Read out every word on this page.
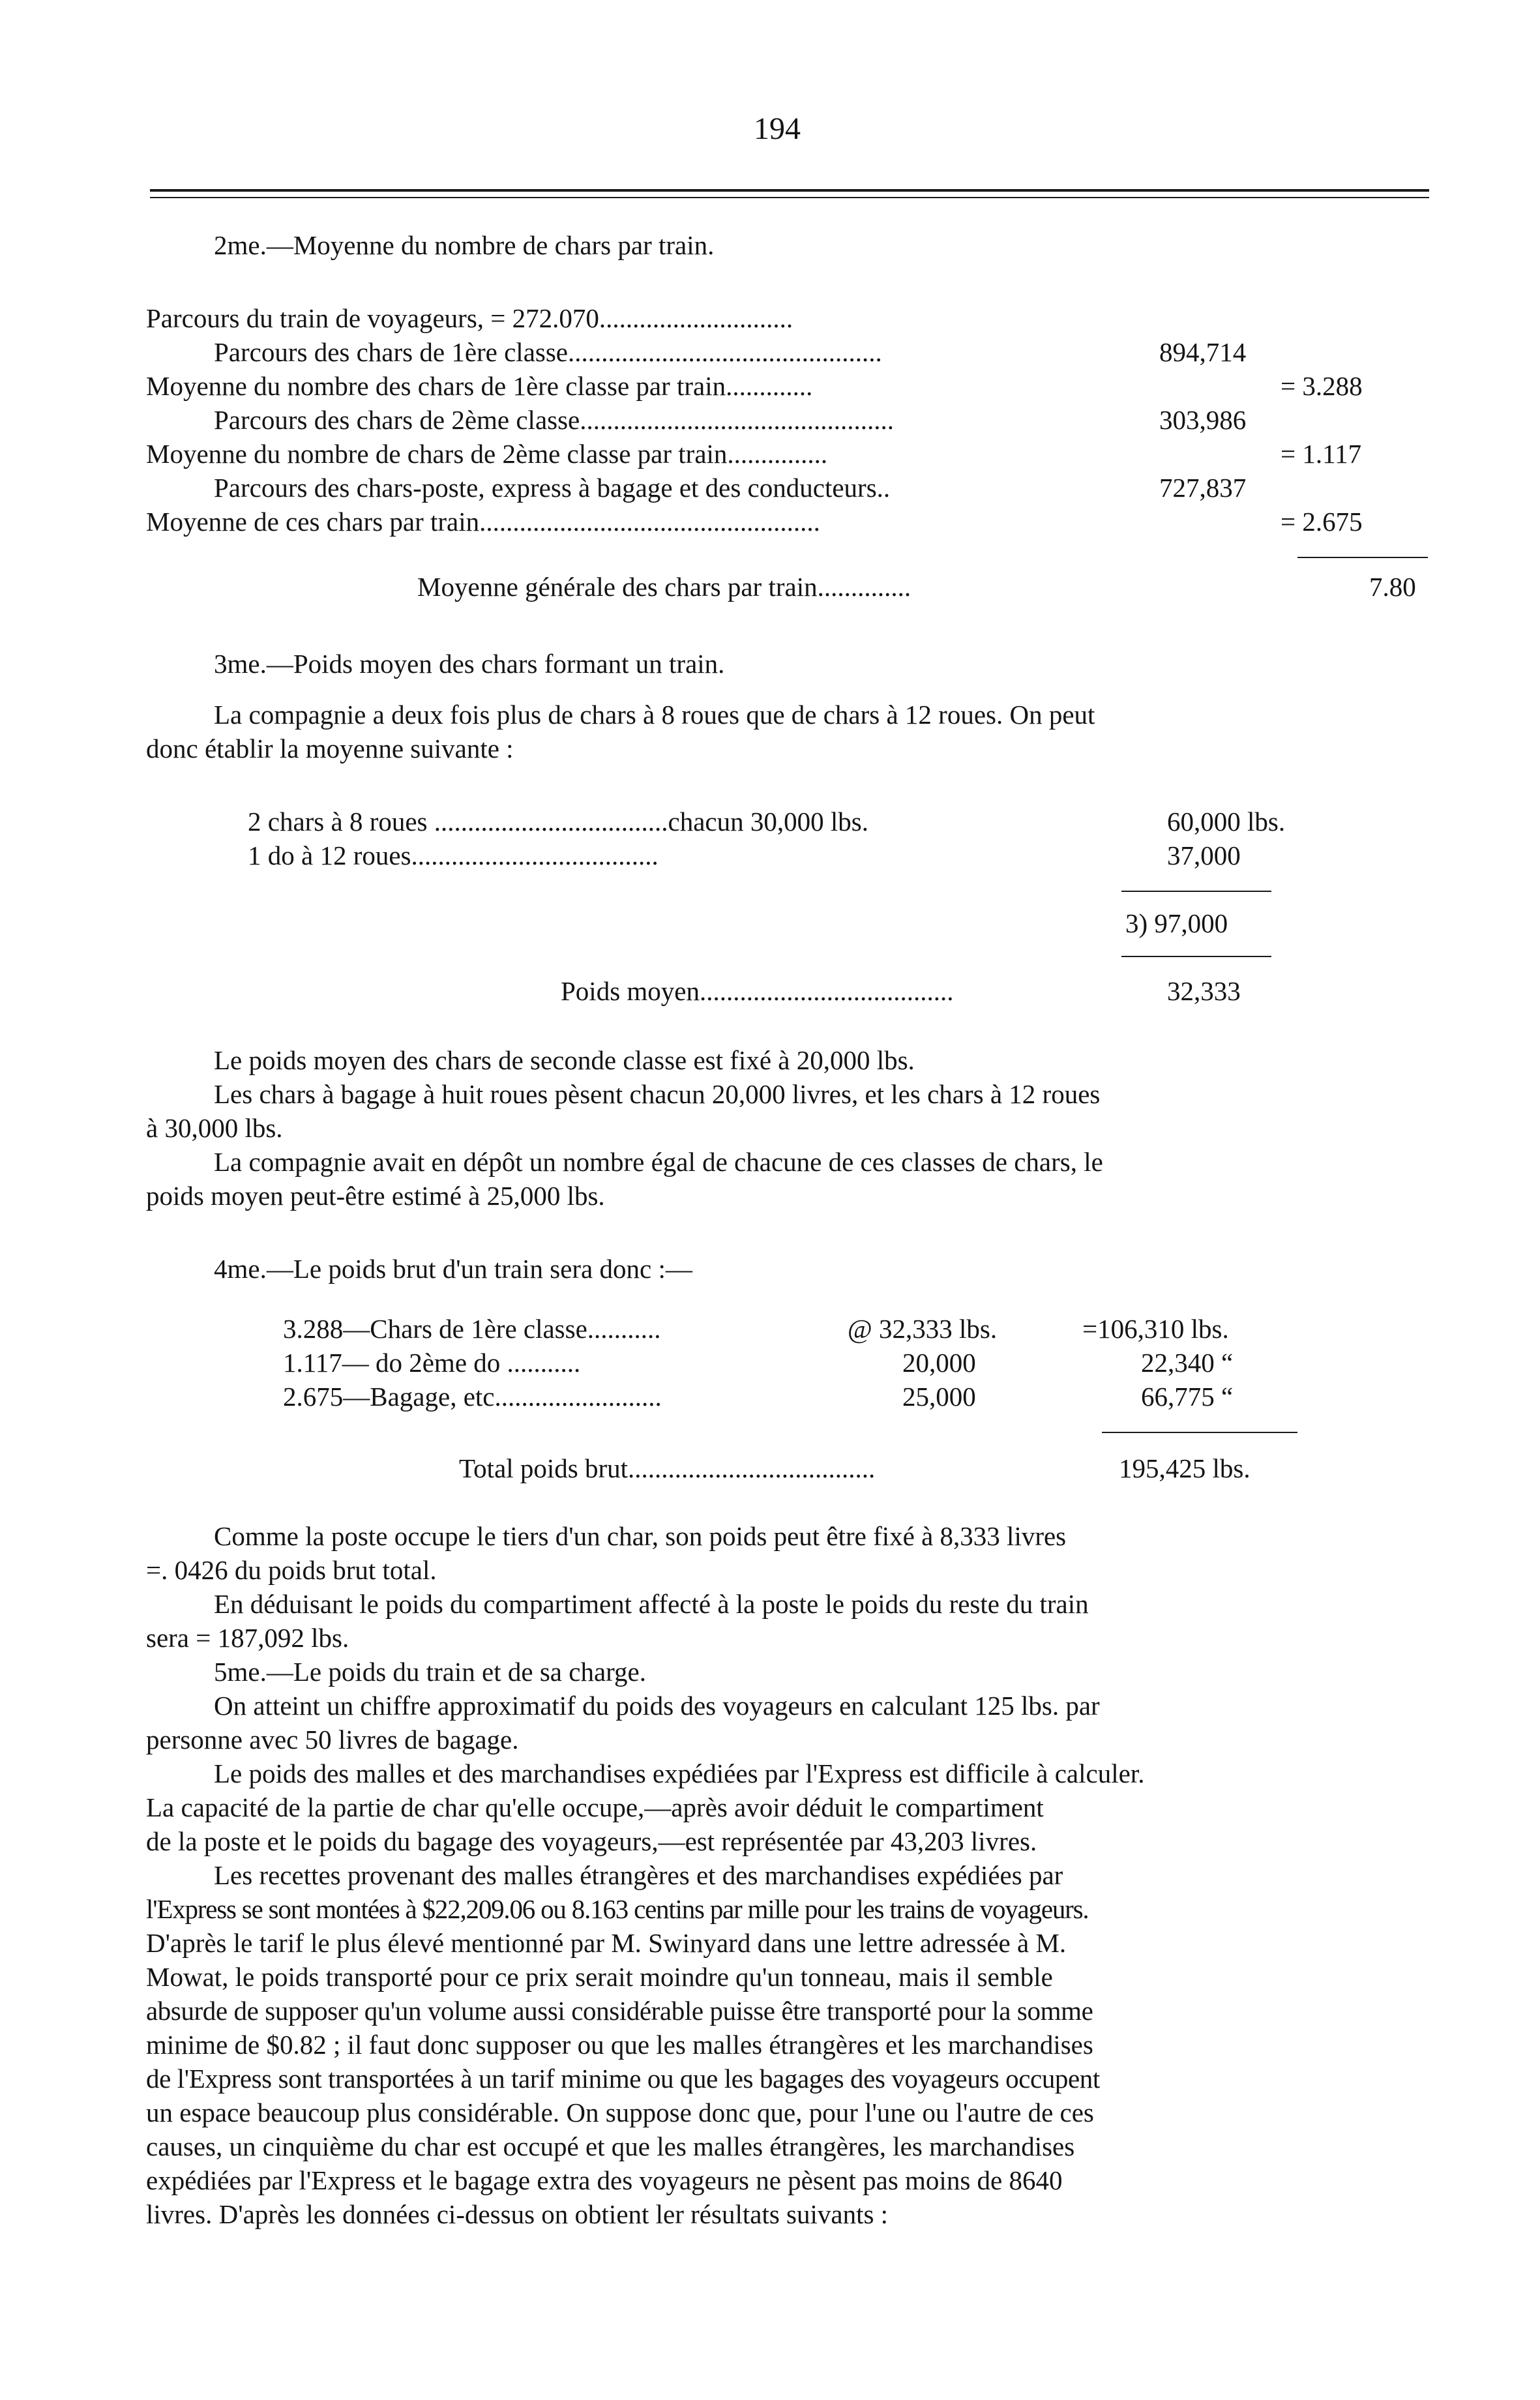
194
2me.—Moyenne du nombre de chars par train.
Parcours du train de voyageurs, = 272.070.............................
Parcours des chars de 1ère classe...............................................	894,714
Moyenne du nombre des chars de 1ère classe par train.............	= 3.288
Parcours des chars de 2ème classe...............................................	303,986
Moyenne du nombre de chars de 2ème classe par train...............	= 1.117
Parcours des chars-poste, express à bagage et des conducteurs..	727,837
Moyenne de ces chars par train...................................................	= 2.675
Moyenne générale des chars par train..............	7.80
3me.—Poids moyen des chars formant un train.
La compagnie a deux fois plus de chars à 8 roues que de chars à 12 roues. On peut
donc établir la moyenne suivante :
2 chars à 8 roues ...................................chacun 30,000 lbs.	60,000 lbs.
1 do à 12 roues.....................................	37,000
3) 97,000
Poids moyen......................................	32,333
Le poids moyen des chars de seconde classe est fixé à 20,000 lbs.
Les chars à bagage à huit roues pèsent chacun 20,000 livres, et les chars à 12 roues
à 30,000 lbs.
La compagnie avait en dépôt un nombre égal de chacune de ces classes de chars, le
poids moyen peut-être estimé à 25,000 lbs.
4me.—Le poids brut d'un train sera donc :—
3.288—Chars de 1ère classe...........	@ 32,333 lbs.	=106,310 lbs.
1.117— do 2ème do ...........	20,000	22,340 “
2.675—Bagage, etc.........................	25,000	66,775 “
Total poids brut.....................................	195,425 lbs.
Comme la poste occupe le tiers d'un char, son poids peut être fixé à 8,333 livres
=. 0426 du poids brut total.
En déduisant le poids du compartiment affecté à la poste le poids du reste du train
sera = 187,092 lbs.
5me.—Le poids du train et de sa charge.
On atteint un chiffre approximatif du poids des voyageurs en calculant 125 lbs. par
personne avec 50 livres de bagage.
Le poids des malles et des marchandises expédiées par l'Express est difficile à calculer.
La capacité de la partie de char qu'elle occupe,—après avoir déduit le compartiment
de la poste et le poids du bagage des voyageurs,—est représentée par 43,203 livres.
Les recettes provenant des malles étrangères et des marchandises expédiées par
l'Express se sont montées à $22,209.06 ou 8.163 centins par mille pour les trains de voyageurs.
D'après le tarif le plus élevé mentionné par M. Swinyard dans une lettre adressée à M.
Mowat, le poids transporté pour ce prix serait moindre qu'un tonneau, mais il semble
absurde de supposer qu'un volume aussi considérable puisse être transporté pour la somme
minime de $0.82 ; il faut donc supposer ou que les malles étrangères et les marchandises
de l'Express sont transportées à un tarif minime ou que les bagages des voyageurs occupent
un espace beaucoup plus considérable. On suppose donc que, pour l'une ou l'autre de ces
causes, un cinquième du char est occupé et que les malles étrangères, les marchandises
expédiées par l'Express et le bagage extra des voyageurs ne pèsent pas moins de 8640
livres. D'après les données ci-dessus on obtient ler résultats suivants :
